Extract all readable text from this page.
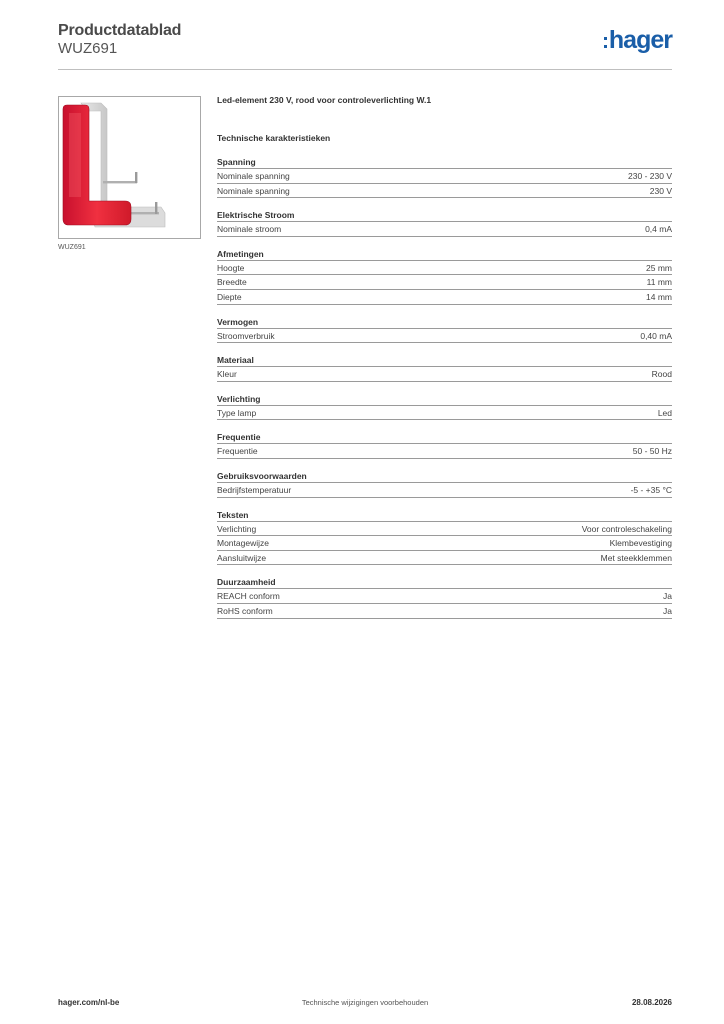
Productdatablad
WUZ691	hager
WUZ691
Led-element 230 V, rood voor controleverlichting W.1
Technische karakteristieken
Spanning
Nominale spanning	230 - 230 V
Nominale spanning	230 V
Elektrische Stroom
Nominale stroom	0,4 mA
Afmetingen
Hoogte	25 mm
Breedte	11 mm
Diepte	14 mm
Vermogen
Stroomverbruik	0,40 mA
Materiaal
Kleur	Rood
Verlichting
Type lamp	Led
Frequentie
Frequentie	50 - 50 Hz
Gebruiksvoorwaarden
Bedrijfstemperatuur	-5 - +35 °C
Teksten
Verlichting	Voor controleschakeling
Montagewijze	Klembevestiging
Aansluitwijze	Met steekklemmen
Duurzaamheid
REACH conform	Ja
RoHS conform	Ja
hager.com/nl-be	Technische wijzigingen voorbehouden	28.08.2026
